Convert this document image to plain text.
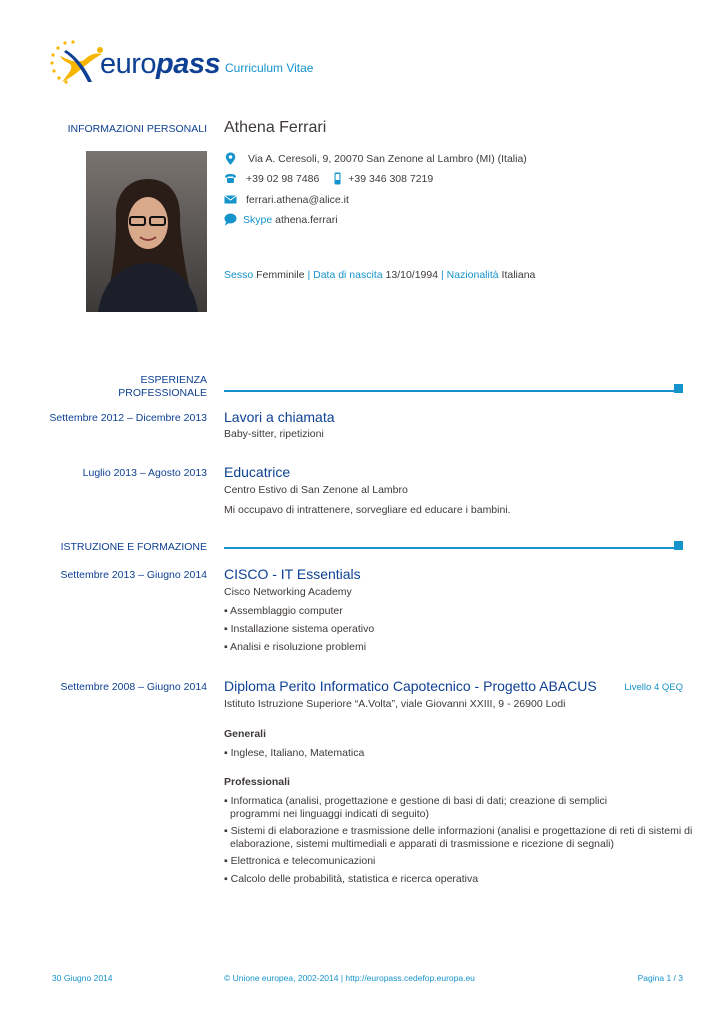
europass Curriculum Vitae
INFORMAZIONI PERSONALI Athena Ferrari
Via A. Ceresoli, 9, 20070 San Zenone al Lambro (MI) (Italia)
+39 02 98 7486	+39 346 308 7219
ferrari.athena@alice.it
Skype
athena.ferrari
Sesso Femminile | Data di nascita 13/10/1994 | Nazionalità Italiana
ESPERIENZA
PROFESSIONALE
Settembre 2012 – Dicembre 2013 Lavori a chiamata
Baby-sitter, ripetizioni
Luglio 2013 – Agosto 2013 Educatrice
Centro Estivo di San Zenone al Lambro
Mi occupavo di intrattenere, sorvegliare ed educare i bambini.
ISTRUZIONE E FORMAZIONE
Settembre 2013 – Giugno 2014 CISCO - IT Essentials
Cisco Networking Academy
▪ Assemblaggio computer
▪ Installazione sistema operativo
▪ Analisi e risoluzione problemi
Settembre 2008 – Giugno 2014 Diploma Perito Informatico Capotecnico - Progetto ABACUS	Livello 4 QEQ
Istituto Istruzione Superiore “A.Volta”, viale Giovanni XXIII, 9 - 26900 Lodi
Generali
▪ Inglese, Italiano, Matematica
Professionali
▪ Informatica (analisi, progettazione e gestione di basi di dati; creazione di semplici
programmi nei linguaggi indicati di seguito)
▪ Sistemi di elaborazione e trasmissione delle informazioni (analisi e progettazione di reti di sistemi di
elaborazione, sistemi multimediali e apparati di trasmissione e ricezione di segnali)
▪ Elettronica e telecomunicazioni
▪ Calcolo delle probabilità, statistica e ricerca operativa
30 Giugno 2014	© Unione europea, 2002-2014 | http://europass.cedefop.europa.eu	Pagina 1 / 3
